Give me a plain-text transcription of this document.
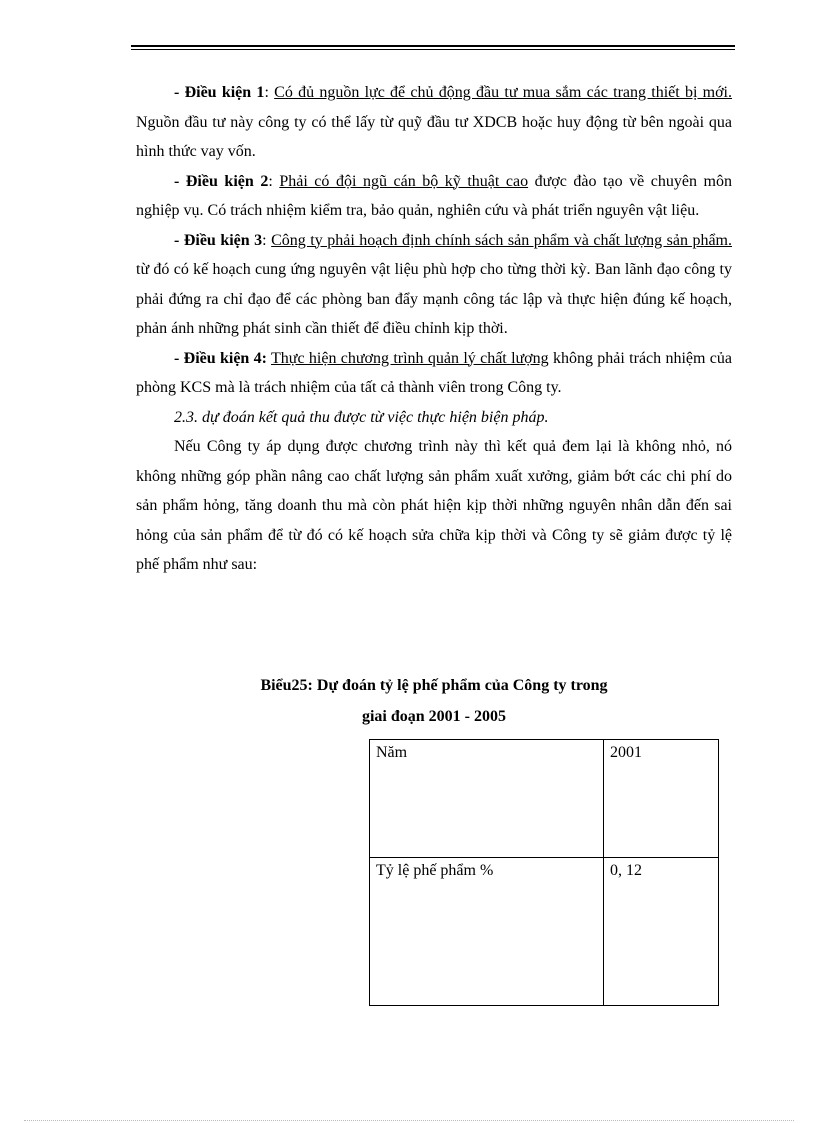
- Điều kiện 1: Có đủ nguồn lực để chủ động đầu tư mua sắm các trang thiết bị mới. Nguồn đầu tư này công ty có thể lấy từ quỹ đầu tư XDCB hoặc huy động từ bên ngoài qua hình thức vay vốn.

- Điều kiện 2: Phải có đội ngũ cán bộ kỹ thuật cao được đào tạo về chuyên môn nghiệp vụ. Có trách nhiệm kiểm tra, bảo quản, nghiên cứu và phát triển nguyên vật liệu.

- Điều kiện 3: Công ty phải hoạch định chính sách sản phẩm và chất lượng sản phẩm. từ đó có kế hoạch cung ứng nguyên vật liệu phù hợp cho từng thời kỳ. Ban lãnh đạo công ty phải đứng ra chỉ đạo để các phòng ban đẩy mạnh công tác lập và thực hiện đúng kế hoạch, phản ánh những phát sinh cần thiết để điều chỉnh kịp thời.

- Điều kiện 4: Thực hiện chương trình quản lý chất lượng không phải trách nhiệm của phòng KCS mà là trách nhiệm của tất cả thành viên trong Công ty.

2.3. dự đoán kết quả thu được từ việc thực hiện biện pháp.

Nếu Công ty áp dụng được chương trình này thì kết quả đem lại là không nhỏ, nó không những góp phần nâng cao chất lượng sản phẩm xuất xưởng, giảm bớt các chi phí do sản phẩm hỏng, tăng doanh thu mà còn phát hiện kịp thời những nguyên nhân dẫn đến sai hỏng của sản phẩm để từ đó có kế hoạch sửa chữa kịp thời và Công ty sẽ giảm được tỷ lệ phế phẩm như sau:

Biểu25: Dự đoán tỷ lệ phế phẩm của Công ty trong
giai đoạn 2001 - 2005
Năm	2001
Tỷ lệ phế phẩm %	0, 12
